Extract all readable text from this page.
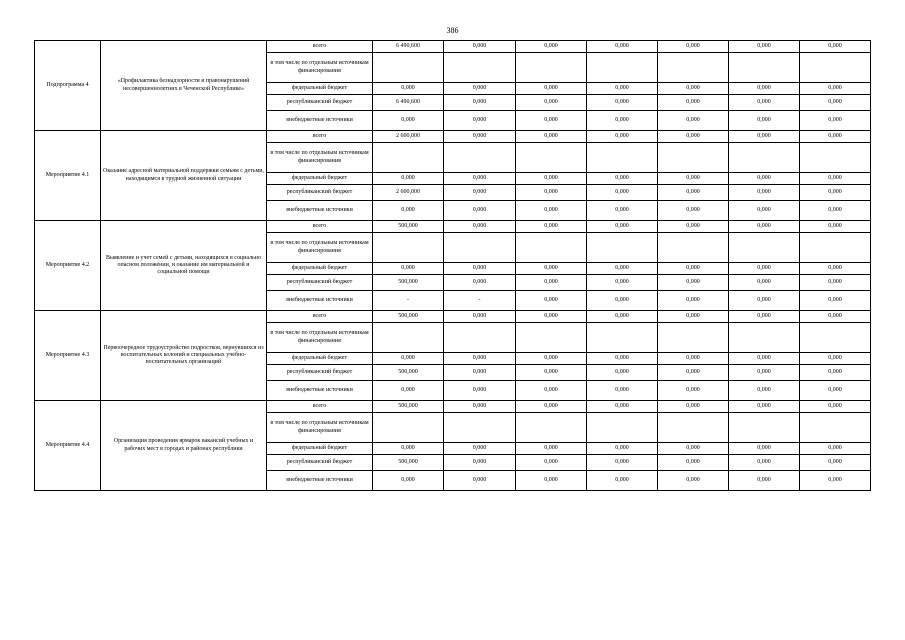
386
Подпрограмма 4	«Профилактика безнадзорности и правонарушений несовершеннолетних в Чеченской Республике»	всего	6 490,600	0,000	0,000	0,000	0,000	0,000	0,000
		в том числе по отдельным источникам финансирования							
		федеральный бюджет	0,000	0,000	0,000	0,000	0,000	0,000	0,000
		республиканский бюджет	6 490,600	0,000	0,000	0,000	0,000	0,000	0,000
		внебюджетные источники	0,000	0,000	0,000	0,000	0,000	0,000	0,000
Мероприятие 4.1	Оказание адресной материальной поддержки семьям с детьми, находящимся в трудной жизненной ситуации	всего	2 600,000	0,000	0,000	0,000	0,000	0,000	0,000
		в том числе по отдельным источникам финансирования							
		федеральный бюджет	0,000	0,000	0,000	0,000	0,000	0,000	0,000
		республиканский бюджет	2 600,000	0,000	0,000	0,000	0,000	0,000	0,000
		внебюджетные источники	0,000	0,000	0,000	0,000	0,000	0,000	0,000
Мероприятие 4.2	Выявление и учет семей с детьми, находящихся в социально опасном положении, и оказание им материальной и социальной помощи	всего	500,000	0,000	0,000	0,000	0,000	0,000	0,000
		в том числе по отдельным источникам финансирования							
		федеральный бюджет	0,000	0,000	0,000	0,000	0,000	0,000	0,000
		республиканский бюджет	500,000	0,000	0,000	0,000	0,000	0,000	0,000
		внебюджетные источники	-	-	0,000	0,000	0,000	0,000	0,000
Мероприятие 4.3	Первоочередное трудоустройство подростков, вернувшихся из воспитательных колоний и специальных учебно-воспитательных организаций	всего	500,000	0,000	0,000	0,000	0,000	0,000	0,000
		в том числе по отдельным источникам финансирования							
		федеральный бюджет	0,000	0,000	0,000	0,000	0,000	0,000	0,000
		республиканский бюджет	500,000	0,000	0,000	0,000	0,000	0,000	0,000
		внебюджетные источники	0,000	0,000	0,000	0,000	0,000	0,000	0,000
Мероприятие 4.4	Организация проведения ярмарок вакансий учебных и рабочих мест в городах и районах республики	всего	500,000	0,000	0,000	0,000	0,000	0,000	0,000
		в том числе по отдельным источникам финансирования							
		федеральный бюджет	0,000	0,000	0,000	0,000	0,000	0,000	0,000
		республиканский бюджет	500,000	0,000	0,000	0,000	0,000	0,000	0,000
		внебюджетные источники	0,000	0,000	0,000	0,000	0,000	0,000	0,000
